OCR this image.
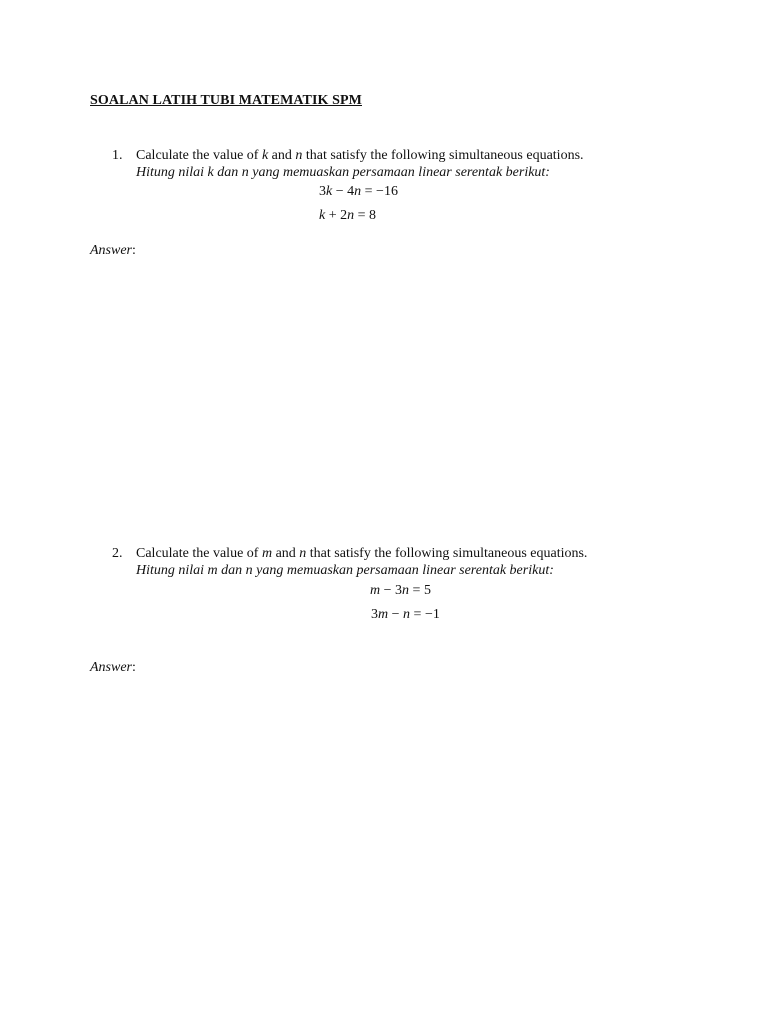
SOALAN LATIH TUBI MATEMATIK SPM
1. Calculate the value of k and n that satisfy the following simultaneous equations.
Hitung nilai k dan n yang memuaskan persamaan linear serentak berikut:
3k − 4n = −16
k + 2n = 8
Answer:
2. Calculate the value of m and n that satisfy the following simultaneous equations.
Hitung nilai m dan n yang memuaskan persamaan linear serentak berikut:
m − 3n = 5
3m − n = −1
Answer:
